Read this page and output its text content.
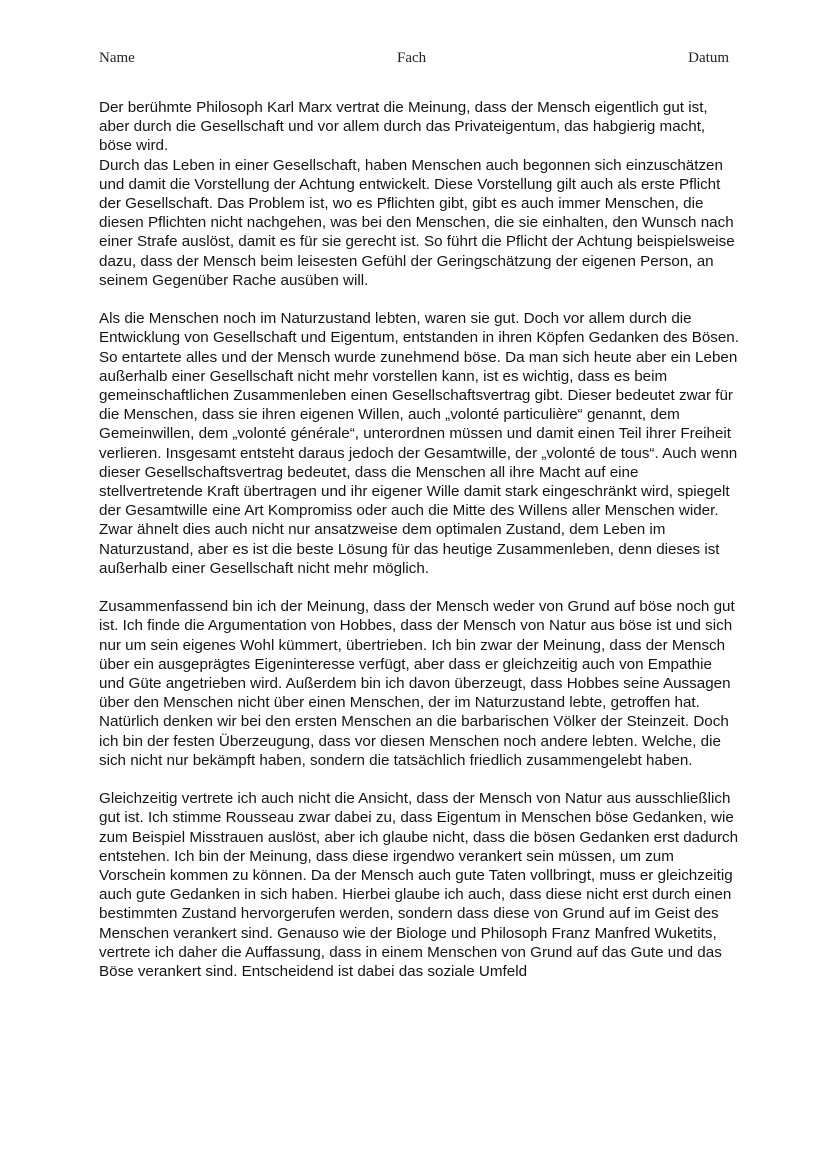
Name	Fach	Datum

Der berühmte Philosoph Karl Marx vertrat die Meinung, dass der Mensch eigentlich gut ist, aber durch die Gesellschaft und vor allem durch das Privateigentum, das habgierig macht, böse wird.

Durch das Leben in einer Gesellschaft, haben Menschen auch begonnen sich einzuschätzen und damit die Vorstellung der Achtung entwickelt. Diese Vorstellung gilt auch als erste Pflicht der Gesellschaft. Das Problem ist, wo es Pflichten gibt, gibt es auch immer Menschen, die diesen Pflichten nicht nachgehen, was bei den Menschen, die sie einhalten, den Wunsch nach einer Strafe auslöst, damit es für sie gerecht ist. So führt die Pflicht der Achtung beispielsweise dazu, dass der Mensch beim leisesten Gefühl der Geringschätzung der eigenen Person, an seinem Gegenüber Rache ausüben will.

Als die Menschen noch im Naturzustand lebten, waren sie gut. Doch vor allem durch die Entwicklung von Gesellschaft und Eigentum, entstanden in ihren Köpfen Gedanken des Bösen. So entartete alles und der Mensch wurde zunehmend böse. Da man sich heute aber ein Leben außerhalb einer Gesellschaft nicht mehr vorstellen kann, ist es wichtig, dass es beim gemeinschaftlichen Zusammenleben einen Gesellschaftsvertrag gibt. Dieser bedeutet zwar für die Menschen, dass sie ihren eigenen Willen, auch „volonté particulière“ genannt, dem Gemeinwillen, dem „volonté générale“, unterordnen müssen und damit einen Teil ihrer Freiheit verlieren. Insgesamt entsteht daraus jedoch der Gesamtwille, der „volonté de tous“. Auch wenn dieser Gesellschaftsvertrag bedeutet, dass die Menschen all ihre Macht auf eine stellvertretende Kraft übertragen und ihr eigener Wille damit stark eingeschränkt wird, spiegelt der Gesamtwille eine Art Kompromiss oder auch die Mitte des Willens aller Menschen wider. Zwar ähnelt dies auch nicht nur ansatzweise dem optimalen Zustand, dem Leben im Naturzustand, aber es ist die beste Lösung für das heutige Zusammenleben, denn dieses ist außerhalb einer Gesellschaft nicht mehr möglich.

Zusammenfassend bin ich der Meinung, dass der Mensch weder von Grund auf böse noch gut ist. Ich finde die Argumentation von Hobbes, dass der Mensch von Natur aus böse ist und sich nur um sein eigenes Wohl kümmert, übertrieben. Ich bin zwar der Meinung, dass der Mensch über ein ausgeprägtes Eigeninteresse verfügt, aber dass er gleichzeitig auch von Empathie und Güte angetrieben wird. Außerdem bin ich davon überzeugt, dass Hobbes seine Aussagen über den Menschen nicht über einen Menschen, der im Naturzustand lebte, getroffen hat. Natürlich denken wir bei den ersten Menschen an die barbarischen Völker der Steinzeit. Doch ich bin der festen Überzeugung, dass vor diesen Menschen noch andere lebten. Welche, die sich nicht nur bekämpft haben, sondern die tatsächlich friedlich zusammengelebt haben.

Gleichzeitig vertrete ich auch nicht die Ansicht, dass der Mensch von Natur aus ausschließlich gut ist. Ich stimme Rousseau zwar dabei zu, dass Eigentum in Menschen böse Gedanken, wie zum Beispiel Misstrauen auslöst, aber ich glaube nicht, dass die bösen Gedanken erst dadurch entstehen. Ich bin der Meinung, dass diese irgendwo verankert sein müssen, um zum Vorschein kommen zu können. Da der Mensch auch gute Taten vollbringt, muss er gleichzeitig auch gute Gedanken in sich haben. Hierbei glaube ich auch, dass diese nicht erst durch einen bestimmten Zustand hervorgerufen werden, sondern dass diese von Grund auf im Geist des Menschen verankert sind. Genauso wie der Biologe und Philosoph Franz Manfred Wuketits, vertrete ich daher die Auffassung, dass in einem Menschen von Grund auf das Gute und das Böse verankert sind. Entscheidend ist dabei das soziale Umfeld
